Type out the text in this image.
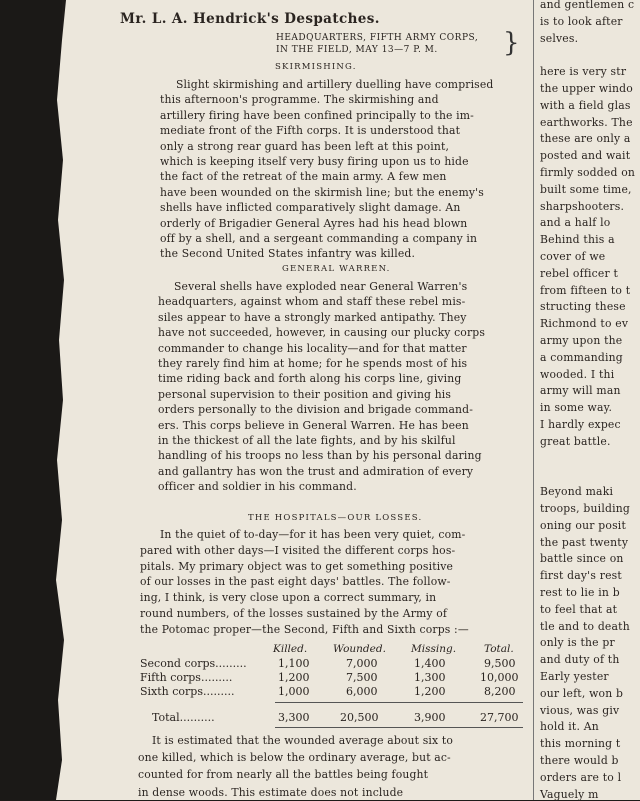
Mr. L. A. Hendrick's Despatches.
HEADQUARTERS, FIFTH ARMY CORPS,
IN THE FIELD, MAY 13—7 P. M.	}
SKIRMISHING.
Slight skirmishing and artillery duelling have comprised
this afternoon's programme. The skirmishing and
artillery firing have been confined principally to the im-
mediate front of the Fifth corps. It is understood that
only a strong rear guard has been left at this point,
which is keeping itself very busy firing upon us to hide
the fact of the retreat of the main army. A few men
have been wounded on the skirmish line; but the enemy's
shells have inflicted comparatively slight damage. An
orderly of Brigadier General Ayres had his head blown
off by a shell, and a sergeant commanding a company in
the Second United States infantry was killed.
GENERAL WARREN.
Several shells have exploded near General Warren's
headquarters, against whom and staff these rebel mis-
siles appear to have a strongly marked antipathy. They
have not succeeded, however, in causing our plucky corps
commander to change his locality—and for that matter
they rarely find him at home; for he spends most of his
time riding back and forth along his corps line, giving
personal supervision to their position and giving his
orders personally to the division and brigade command-
ers. This corps believe in General Warren. He has been
in the thickest of all the late fights, and by his skilful
handling of his troops no less than by his personal daring
and gallantry has won the trust and admiration of every
officer and soldier in his command.
THE HOSPITALS—OUR LOSSES.
In the quiet of to-day—for it has been very quiet, com-
pared with other days—I visited the different corps hos-
pitals. My primary object was to get something positive
of our losses in the past eight days' battles. The follow-
ing, I think, is very close upon a correct summary, in
round numbers, of the losses sustained by the Army of
the Potomac proper—the Second, Fifth and Sixth corps :—
Killed. Wounded. Missing.	Total.
Second corps.........	1,100	7,000	1,400	9,500
Fifth corps.........	1,200	7,500	1,300	10,000
Sixth corps.........	1,000	6,000	1,200	8,200
Total..........	3,300	20,500	3,900	27,700
It is estimated that the wounded average about six to
one killed, which is below the ordinary average, but ac-
counted for from nearly all the battles being fought
in dense woods. This estimate does not include
and gentlemen c
is to look after
selves.
here is very str
the upper windo
with a field glas
earthworks. The
these are only a
posted and wait
firmly sodded on
built some time,
sharpshooters.
and a half lo
Behind this a
cover of we
rebel officer t
from fifteen to t
structing these
Richmond to ev
army upon the
a commanding
wooded. I thi
army will man
in some way.
I hardly expec
great battle.
Beyond maki
troops, building
oning our posit
the past twenty
battle since on
first day's rest
rest to lie in b
to feel that at
tle and to death
only is the pr
and duty of th
Early yester
our left, won b
vious, was giv
hold it. An
this morning t
there would b
orders are to l
Vaguely m
